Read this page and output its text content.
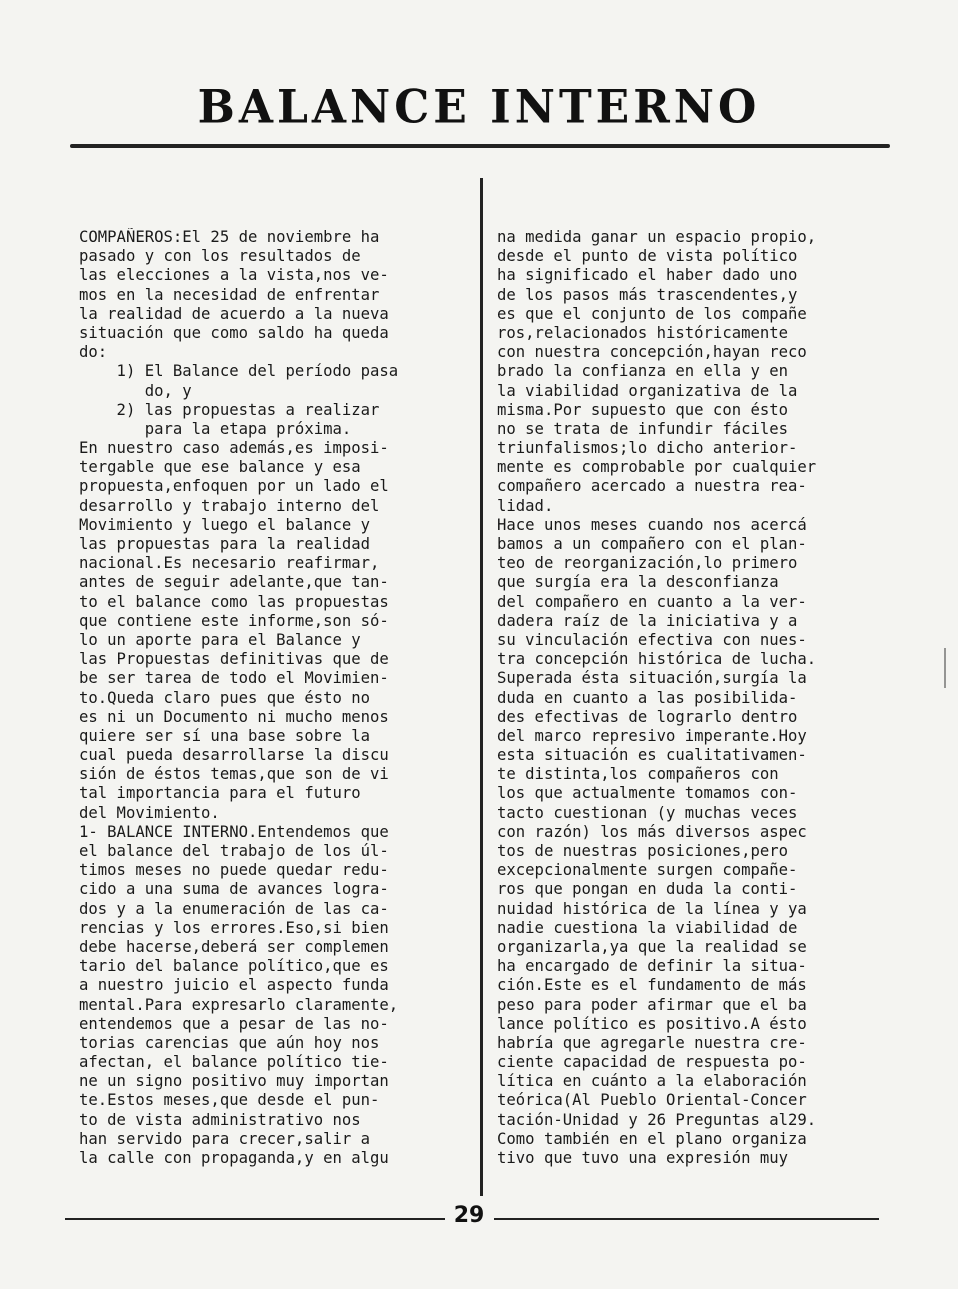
BALANCE INTERNO
COMPAÑEROS:El 25 de noviembre ha
pasado y con los resultados de
las elecciones a la vista,nos ve-
mos en la necesidad de enfrentar
la realidad de acuerdo a la nueva
situación que como saldo ha queda
do:
1) El Balance del período pasa
do, y
2) las propuestas a realizar
para la etapa próxima.
En nuestro caso además,es imposi-
tergable que ese balance y esa
propuesta,enfoquen por un lado el
desarrollo y trabajo interno del
Movimiento y luego el balance y
las propuestas para la realidad
nacional.Es necesario reafirmar,
antes de seguir adelante,que tan-
to el balance como las propuestas
que contiene este informe,son só-
lo un aporte para el Balance y
las Propuestas definitivas que de
be ser tarea de todo el Movimien-
to.Queda claro pues que ésto no
es ni un Documento ni mucho menos
quiere ser sí una base sobre la
cual pueda desarrollarse la discu
sión de éstos temas,que son de vi
tal importancia para el futuro
del Movimiento.
1- BALANCE INTERNO.Entendemos que
el balance del trabajo de los úl-
timos meses no puede quedar redu-
cido a una suma de avances logra-
dos y a la enumeración de las ca-
rencias y los errores.Eso,si bien
debe hacerse,deberá ser complemen
tario del balance político,que es
a nuestro juicio el aspecto funda
mental.Para expresarlo claramente,
entendemos que a pesar de las no-
torias carencias que aún hoy nos
afectan, el balance político tie-
ne un signo positivo muy importan
te.Estos meses,que desde el pun-
to de vista administrativo nos
han servido para crecer,salir a
la calle con propaganda,y en algu
na medida ganar un espacio propio,
desde el punto de vista político
ha significado el haber dado uno
de los pasos más trascendentes,y
es que el conjunto de los compañe
ros,relacionados históricamente
con nuestra concepción,hayan reco
brado la confianza en ella y en
la viabilidad organizativa de la
misma.Por supuesto que con ésto
no se trata de infundir fáciles
triunfalismos;lo dicho anterior-
mente es comprobable por cualquier
compañero acercado a nuestra rea-
lidad.
Hace unos meses cuando nos acercá
bamos a un compañero con el plan-
teo de reorganización,lo primero
que surgía era la desconfianza
del compañero en cuanto a la ver-
dadera raíz de la iniciativa y a
su vinculación efectiva con nues-
tra concepción histórica de lucha.
Superada ésta situación,surgía la
duda en cuanto a las posibilida-
des efectivas de lograrlo dentro
del marco represivo imperante.Hoy
esta situación es cualitativamen-
te distinta,los compañeros con
los que actualmente tomamos con-
tacto cuestionan (y muchas veces
con razón) los más diversos aspec
tos de nuestras posiciones,pero
excepcionalmente surgen compañe-
ros que pongan en duda la conti-
nuidad histórica de la línea y ya
nadie cuestiona la viabilidad de
organizarla,ya que la realidad se
ha encargado de definir la situa-
ción.Este es el fundamento de más
peso para poder afirmar que el ba
lance político es positivo.A ésto
habría que agregarle nuestra cre-
ciente capacidad de respuesta po-
lítica en cuánto a la elaboración
teórica(Al Pueblo Oriental-Concer
tación-Unidad y 26 Preguntas al29.
Como también en el plano organiza
tivo que tuvo una expresión muy
29
